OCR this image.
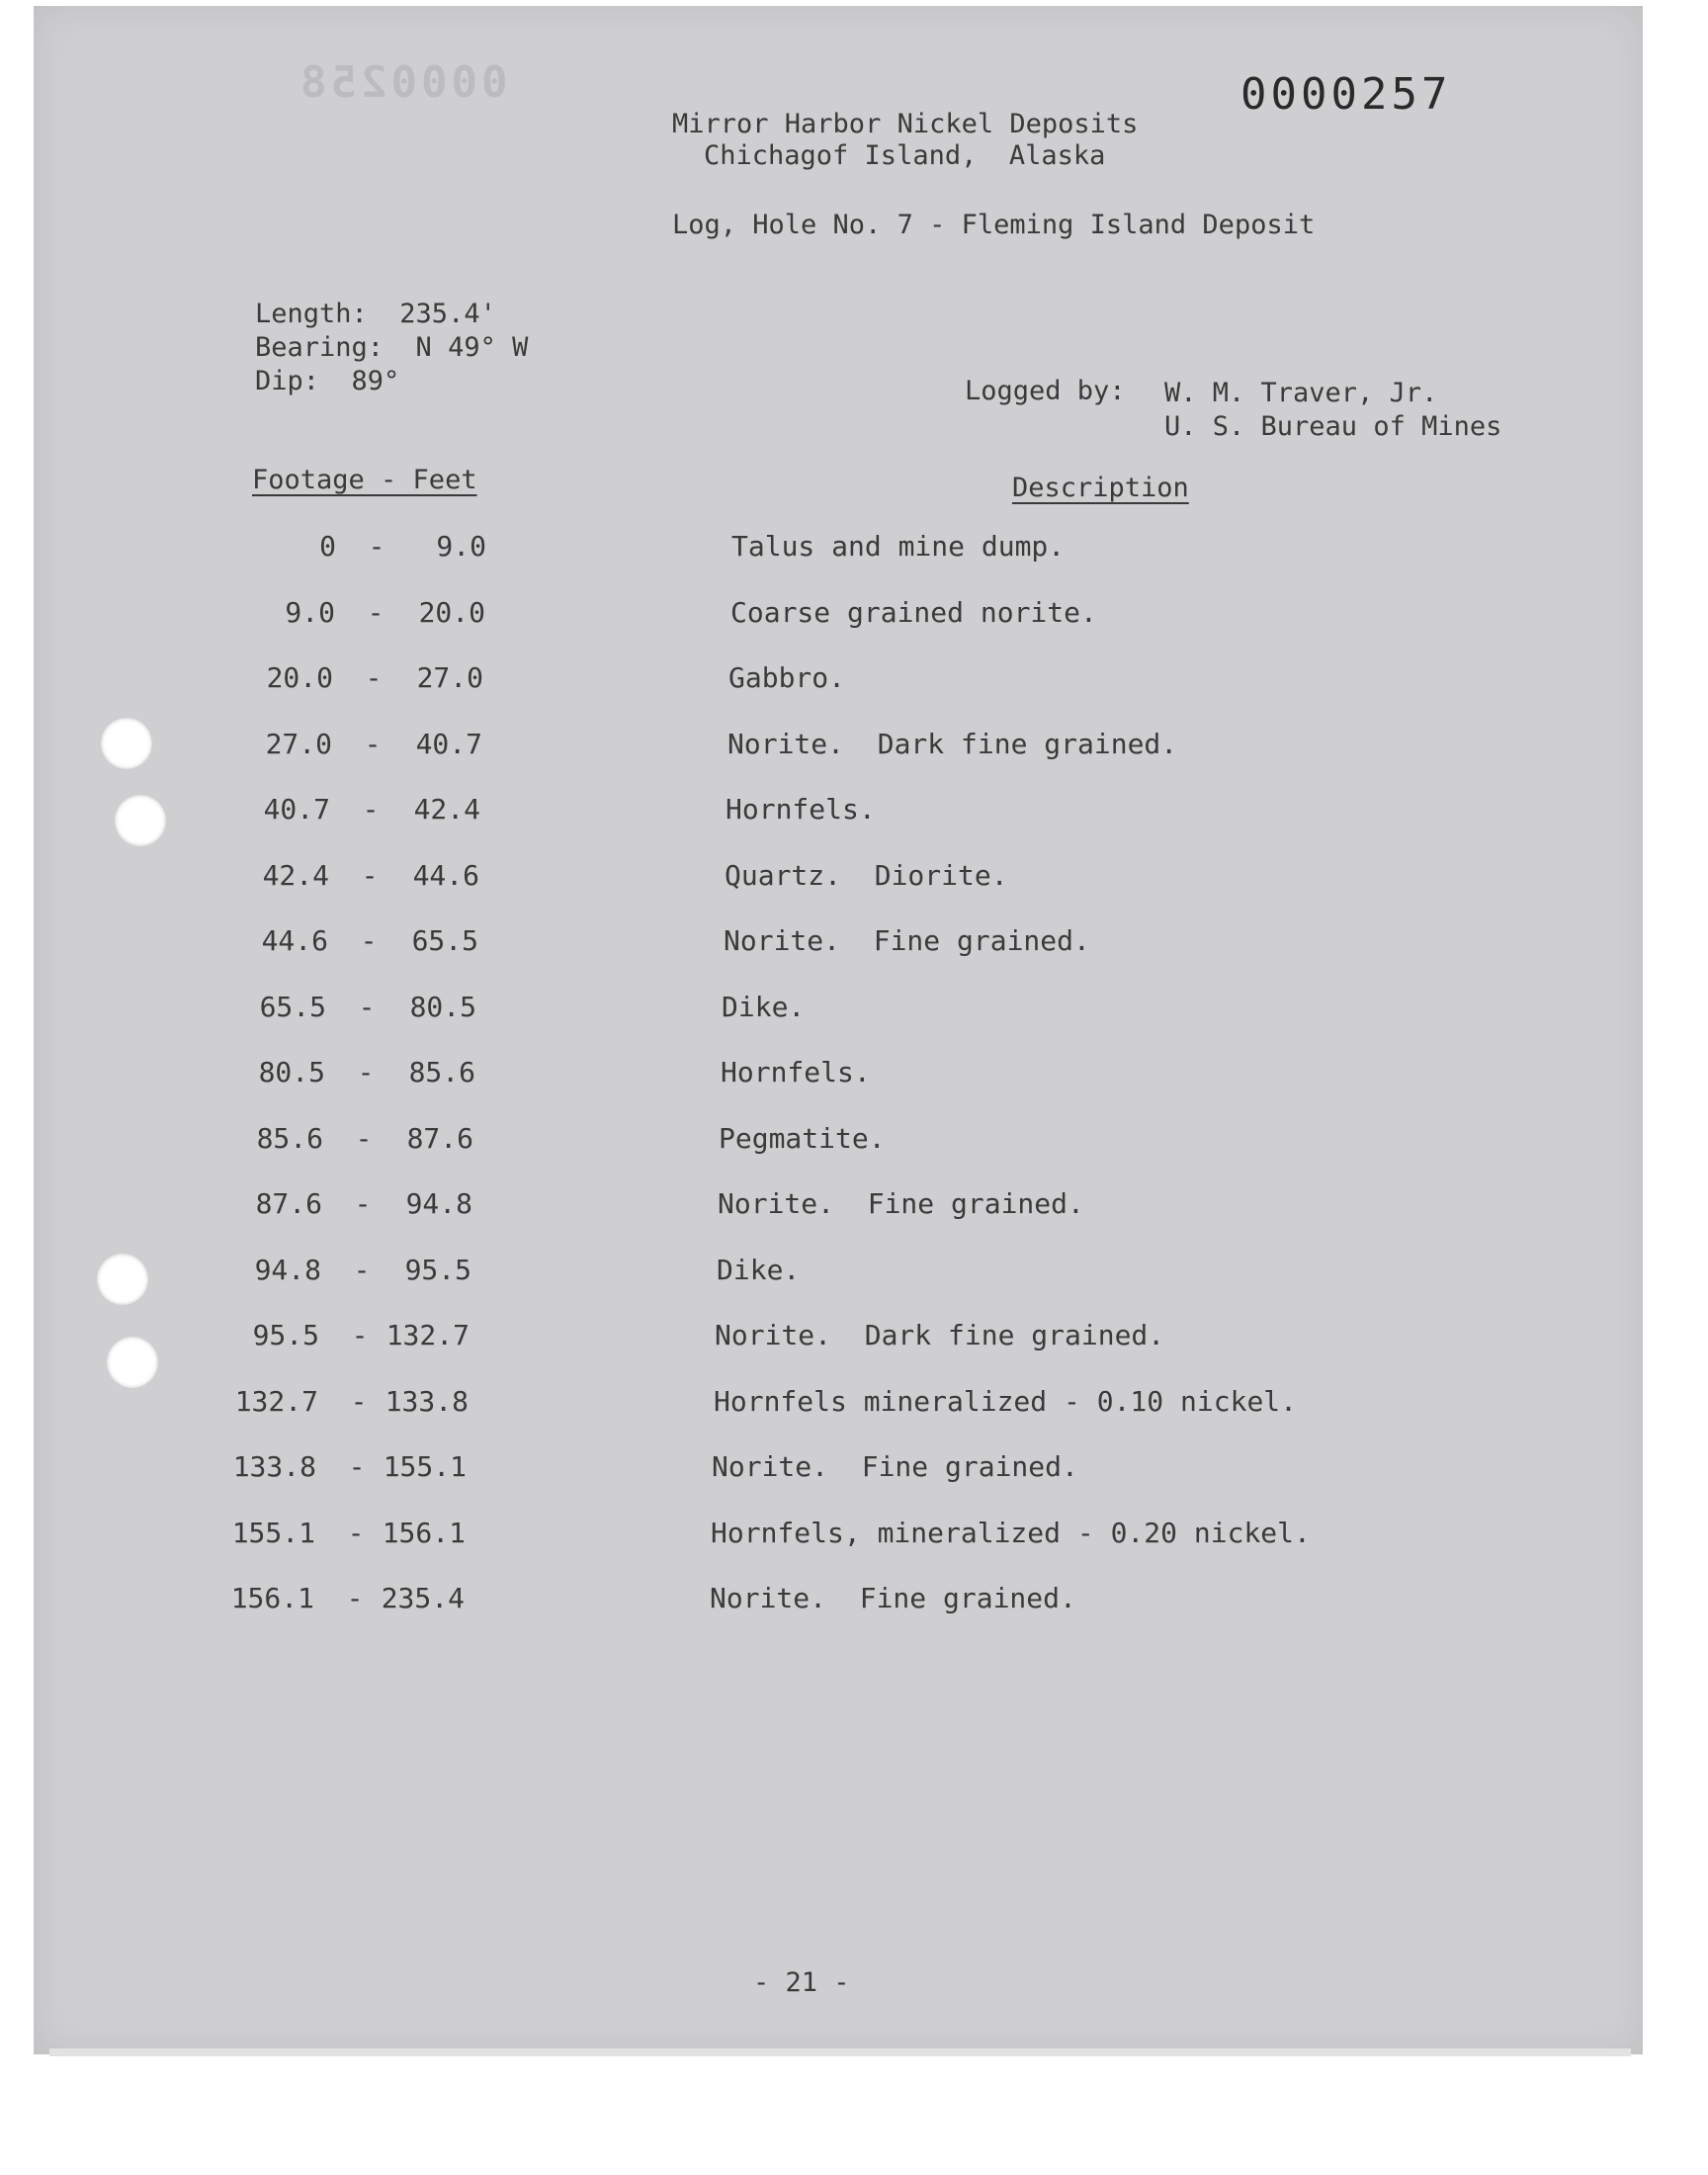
0000258	0000257
Mirror Harbor Nickel Deposits
Chichagof Island,  Alaska
Log, Hole No. 7 - Fleming Island Deposit
Length:  235.4'
Bearing:  N 49° W
Dip:  89°	Logged by: W. M. Traver, Jr.
U. S. Bureau of Mines
Footage - Feet	Description
0 -	9.0	Talus and mine dump.
9.0 -	20.0	Coarse grained norite.
20.0 -	27.0	Gabbro.
27.0 -	40.7	Norite.  Dark fine grained.
40.7 -	42.4	Hornfels.
42.4 -	44.6	Quartz.  Diorite.
44.6 -	65.5	Norite.  Fine grained.
65.5 -	80.5	Dike.
80.5 -	85.6	Hornfels.
85.6 -	87.6	Pegmatite.
87.6 -	94.8	Norite.  Fine grained.
94.8 -	95.5	Dike.
95.5 - 132.7	Norite.  Dark fine grained.
132.7 - 133.8	Hornfels mineralized - 0.10 nickel.
133.8 - 155.1	Norite.  Fine grained.
155.1 - 156.1	Hornfels, mineralized - 0.20 nickel.
156.1 - 235.4	Norite.  Fine grained.
- 21 -
